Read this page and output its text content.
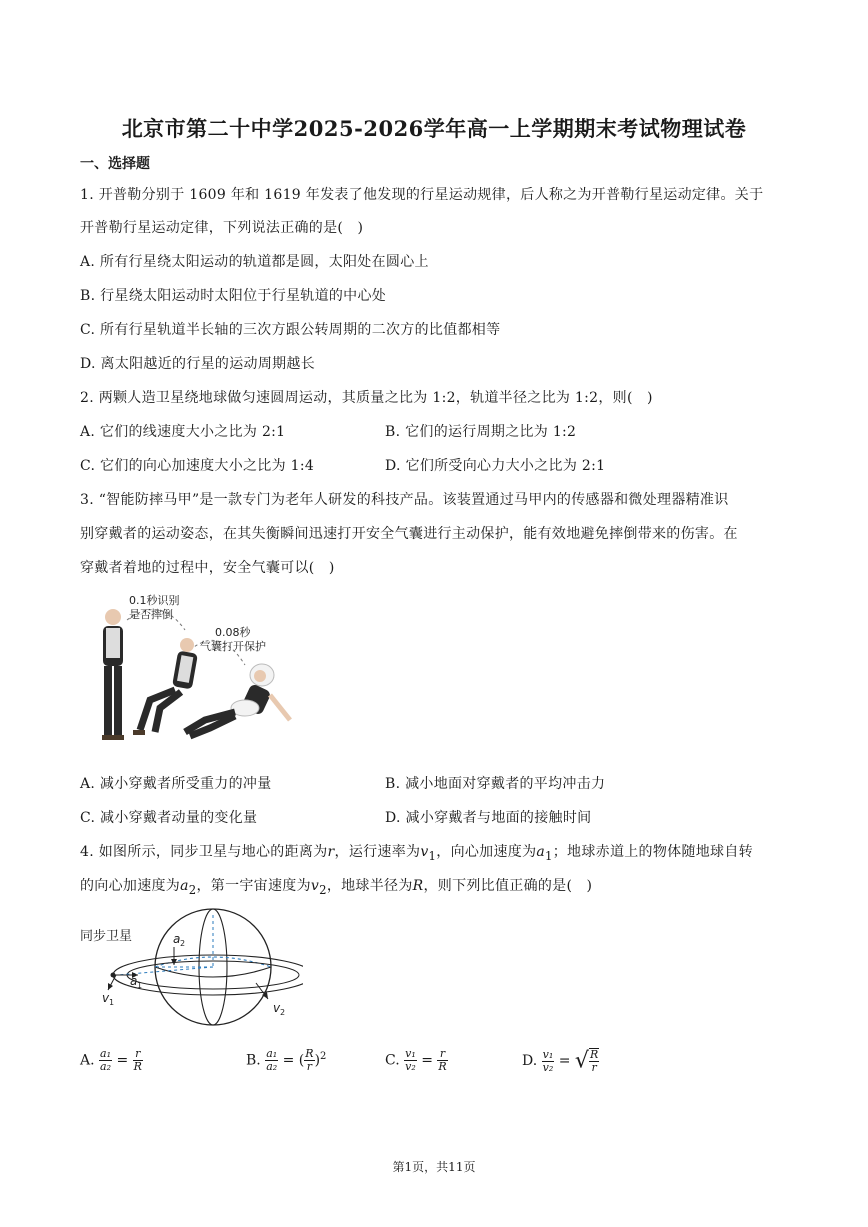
北京市第二十中学2025-2026学年高一上学期期末考试物理试卷
一、选择题
1. 开普勒分别于 1609 年和 1619 年发表了他发现的行星运动规律，后人称之为开普勒行星运动定律。关于
开普勒行星运动定律，下列说法正确的是(　)
A. 所有行星绕太阳运动的轨道都是圆，太阳处在圆心上
B. 行星绕太阳运动时太阳位于行星轨道的中心处
C. 所有行星轨道半长轴的三次方跟公转周期的二次方的比值都相等
D. 离太阳越近的行星的运动周期越长
2. 两颗人造卫星绕地球做匀速圆周运动，其质量之比为 1:2，轨道半径之比为 1:2，则(　)
A. 它们的线速度大小之比为 2:1	B. 它们的运行周期之比为 1:2
C. 它们的向心加速度大小之比为 1:4	D. 它们所受向心力大小之比为 2:1
3. “智能防摔马甲”是一款专门为老年人研发的科技产品。该装置通过马甲内的传感器和微处理器精准识
别穿戴者的运动姿态，在其失衡瞬间迅速打开安全气囊进行主动保护，能有效地避免摔倒带来的伤害。在
穿戴者着地的过程中，安全气囊可以(　)
0.1秒识别
是否摔倒
0.08秒
气囊打开保护
A. 减小穿戴者所受重力的冲量	B. 减小地面对穿戴者的平均冲击力
C. 减小穿戴者动量的变化量	D. 减小穿戴者与地面的接触时间
4. 如图所示，同步卫星与地心的距离为r，运行速率为$v_1$，向心加速度为$a_1$；地球赤道上的物体随地球自转
的向心加速度为$a_2$，第一宇宙速度为$v_2$，地球半径为R，则下列比值正确的是(　)
同步卫星	a 2
a 1
v 1	v 2
A. $\frac{\text{a₁}}{\text{a₂}} = \frac{r}{R}$	B. $\frac{\text{a₁}}{\text{a₂}}$ = ( $\frac{R}{r} )^2$	C. $\frac{\text{v₁}}{\text{v₂}} = \frac{r}{R}$	D. $\frac{\text{v₁}}{\text{v₂}}$ = √ $\frac{R}{r}$
第1页，共11页
